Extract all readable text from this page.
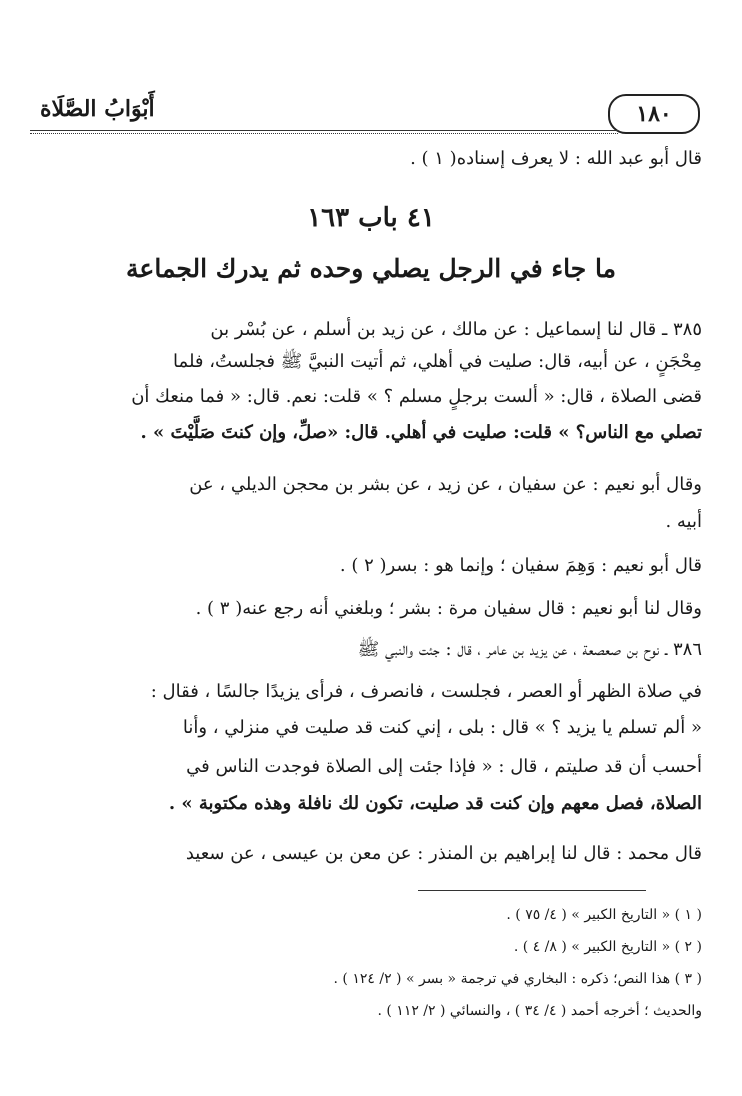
١٨٠
أَبْوَابُ الصَّلَاة
قال أبو عبد الله : لا يعرف إسناده( ١ ) .
٤١ باب ١٦٣
ما جاء في الرجل يصلي وحده ثم يدرك الجماعة
٣٨٥ ـ قال لنا إسماعيل : عن مالك ، عن زيد بن أسلم ، عن بُسْر بن
مِحْجَنٍ ، عن أبيه، قال: صليت في أهلي، ثم أتيت النبيَّ ﷺ فجلستُ، فلما
قضى الصلاة ، قال: « ألست برجلٍ مسلم ؟ » قلت: نعم. قال: « فما منعك أن
تصلي مع الناس؟ » قلت: صليت في أهلي. قال: «صلِّ، وإن كنتَ صَلَّيْتَ » .
وقال أبو نعيم : عن سفيان ، عن زيد ، عن بشر بن محجن الديلي ، عن
أبيه .
قال أبو نعيم : وَهِمَ سفيان ؛ وإنما هو : بسر( ٢ ) .
وقال لنا أبو نعيم : قال سفيان مرة : بشر ؛ وبلغني أنه رجع عنه( ٣ ) .
٣٨٦ ـ نوح بن صعصعة ، عن يزيد بن عامر ، قال : جئت والنبي ﷺ
في صلاة الظهر أو العصر ، فجلست ، فانصرف ، فرأى يزيدًا جالسًا ، فقال :
« ألم تسلم يا يزيد ؟ » قال : بلى ، إني كنت قد صليت في منزلي ، وأنا
أحسب أن قد صليتم ، قال : « فإذا جئت إلى الصلاة فوجدت الناس في
الصلاة، فصل معهم وإن كنت قد صليت، تكون لك نافلة وهذه مكتوبة » .
قال محمد : قال لنا إبراهيم بن المنذر : عن معن بن عيسى ، عن سعيد
( ١ ) « التاريخ الكبير » ( ٤/ ٧٥ ) .
( ٢ ) « التاريخ الكبير » ( ٨/ ٤ ) .
( ٣ ) هذا النص؛ ذكره : البخاري في ترجمة « بسر » ( ٢/ ١٢٤ ) .
والحديث ؛ أخرجه أحمد ( ٤/ ٣٤ ) ، والنسائي ( ٢/ ١١٢ ) .
